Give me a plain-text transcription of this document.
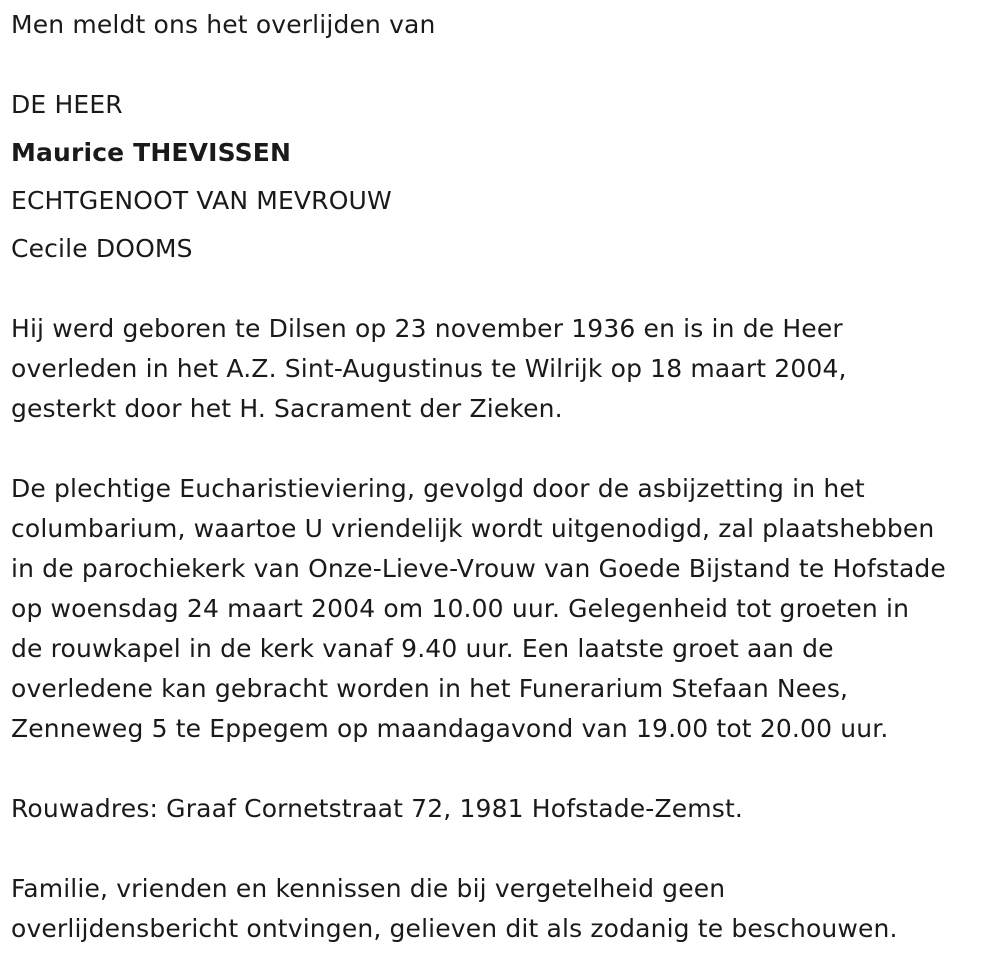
Men meldt ons het overlijden van

DE HEER

Maurice THEVISSEN

ECHTGENOOT VAN MEVROUW

Cecile DOOMS

Hij werd geboren te Dilsen op 23 november 1936 en is in de Heer
overleden in het A.Z. Sint-Augustinus te Wilrijk op 18 maart 2004,
gesterkt door het H. Sacrament der Zieken.
De plechtige Eucharistieviering, gevolgd door de asbijzetting in het
columbarium, waartoe U vriendelijk wordt uitgenodigd, zal plaatshebben
in de parochiekerk van Onze-Lieve-Vrouw van Goede Bijstand te Hofstade
op woensdag 24 maart 2004 om 10.00 uur. Gelegenheid tot groeten in
de rouwkapel in de kerk vanaf 9.40 uur. Een laatste groet aan de
overledene kan gebracht worden in het Funerarium Stefaan Nees,
Zenneweg 5 te Eppegem op maandagavond van 19.00 tot 20.00 uur.

Rouwadres: Graaf Cornetstraat 72, 1981 Hofstade-Zemst.

Familie, vrienden en kennissen die bij vergetelheid geen
overlijdensbericht ontvingen, gelieven dit als zodanig te beschouwen.
